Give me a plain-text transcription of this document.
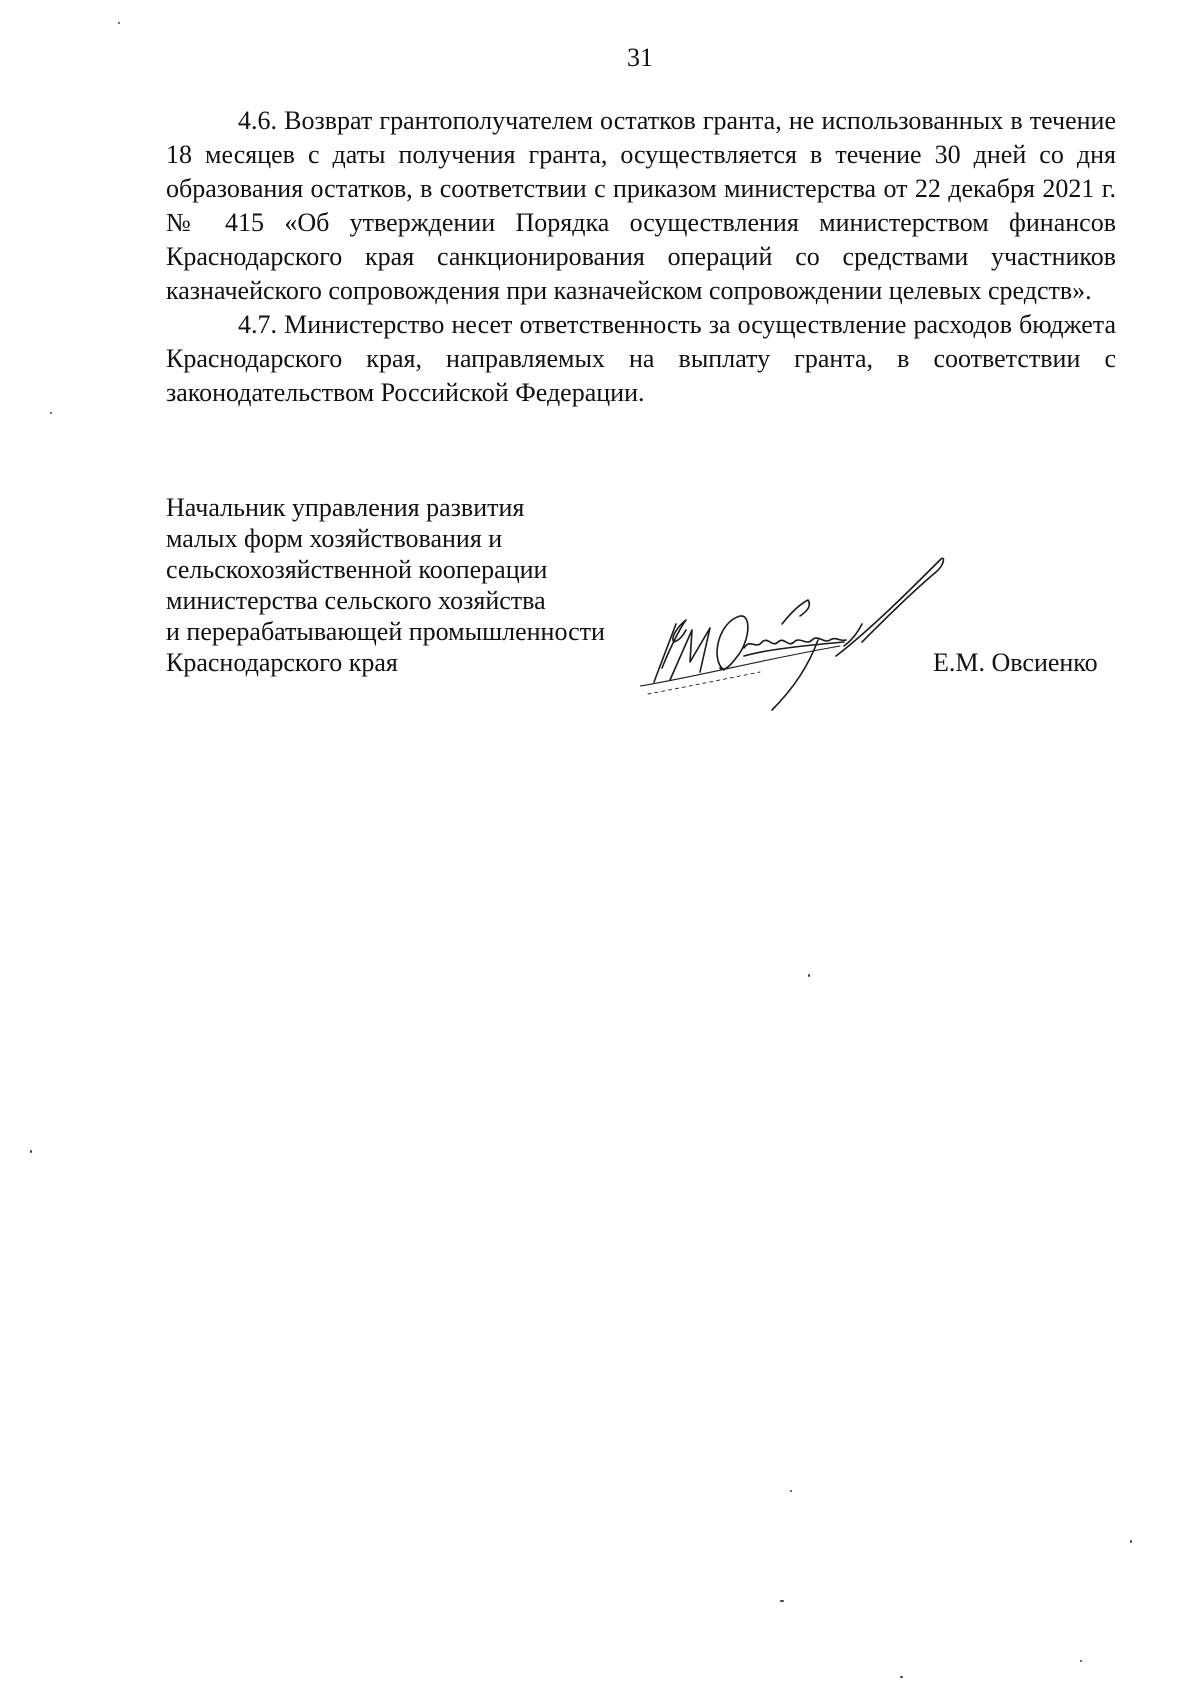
31

4.6. Возврат грантополучателем остатков гранта, не использованных в течение 18 месяцев с даты получения гранта, осуществляется в течение 30 дней со дня образования остатков, в соответствии с приказом министерства от 22 декабря 2021 г. № 415 «Об утверждении Порядка осуществления министерством финансов Краснодарского края санкционирования операций со средствами участников казначейского сопровождения при казначейском сопровождении целевых средств».

4.7. Министерство несет ответственность за осуществление расходов бюджета Краснодарского края, направляемых на выплату гранта, в соответствии с законодательством Российской Федерации.

Начальник управления развития
малых форм хозяйствования и
сельскохозяйственной кооперации
министерства сельского хозяйства
и перерабатывающей промышленности
Краснодарского края	Е.М. Овсиенко
